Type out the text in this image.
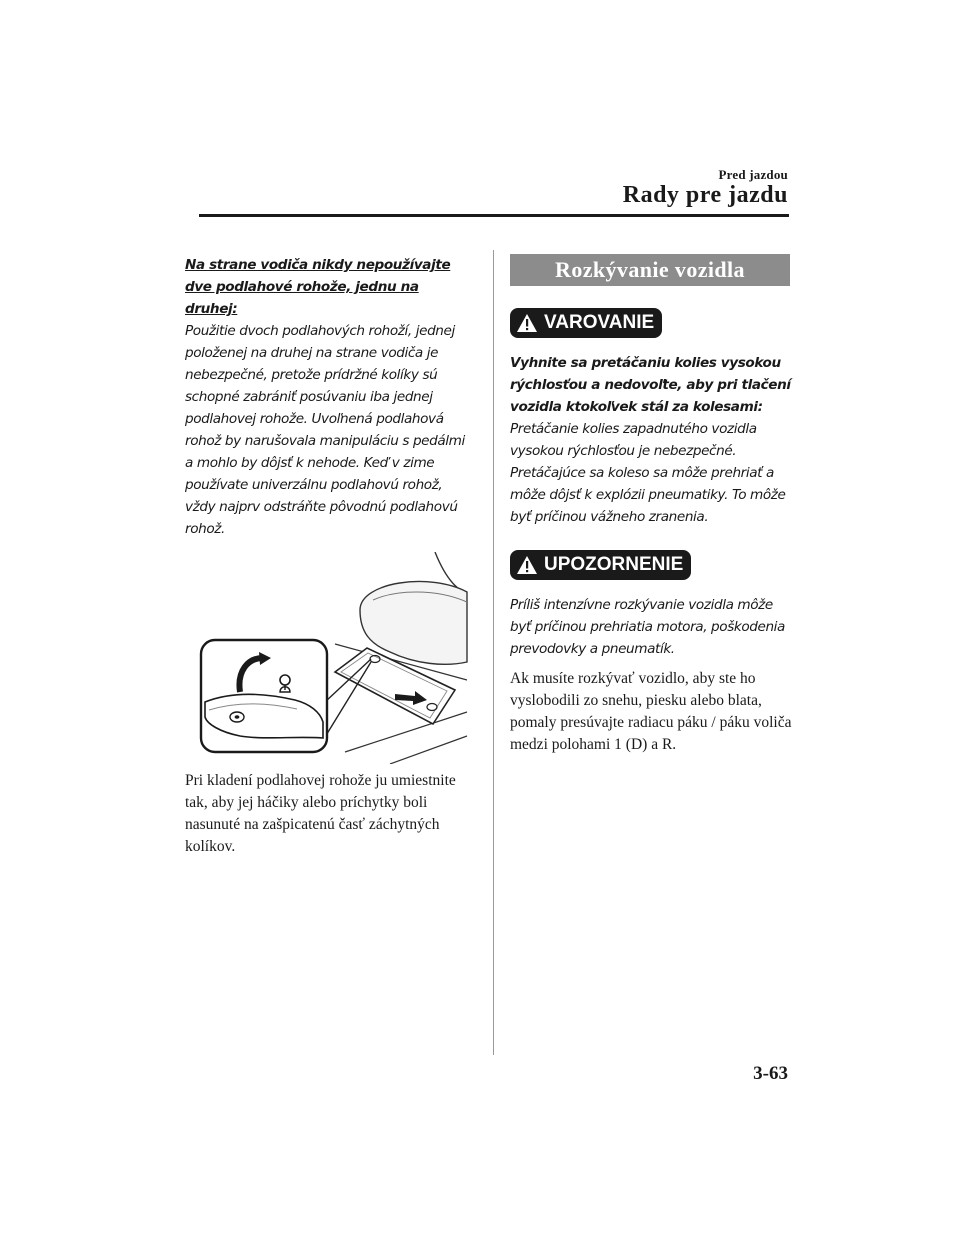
Pred jazdou
Rady pre jazdu

Na strane vodiča nikdy nepoužívajte dve podlahové rohože, jednu na druhej:

Použitie dvoch podlahových rohoží, jednej položenej na druhej na strane vodiča je nebezpečné, pretože prídržné kolíky sú schopné zabrániť posúvaniu iba jednej podlahovej rohože. Uvoľnená podlahová rohož by narušovala manipuláciu s pedálmi a mohlo by dôjsť k nehode. Keď v zime používate univerzálnu podlahovú rohož, vždy najprv odstráňte pôvodnú podlahovú rohož.

Pri kladení podlahovej rohože ju umiestnite tak, aby jej háčiky alebo príchytky boli nasunuté na zašpicatenú časť záchytných kolíkov.

Rozkývanie vozidla
VAROVANIE

Vyhnite sa pretáčaniu kolies vysokou rýchlosťou a nedovoľte, aby pri tlačení vozidla ktokoľvek stál za kolesami:

Pretáčanie kolies zapadnutého vozidla vysokou rýchlosťou je nebezpečné. Pretáčajúce sa koleso sa môže prehriať a môže dôjsť k explózii pneumatiky. To môže byť príčinou vážneho zranenia.

UPOZORNENIE

Príliš intenzívne rozkývanie vozidla môže byť príčinou prehriatia motora, poškodenia prevodovky a pneumatík.

Ak musíte rozkývať vozidlo, aby ste ho vyslobodili zo snehu, piesku alebo blata, pomaly presúvajte radiacu páku / páku voliča medzi polohami 1 (D) a R.

3-63
